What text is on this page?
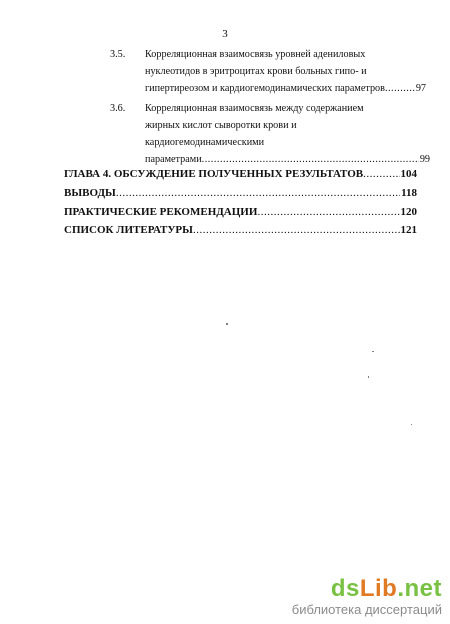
3
3.5. Корреляционная взаимосвязь уровней адениловых
нуклеотидов в эритроцитах крови больных гипо- и
гипертиреозом и кардиогемодинамических параметров .....	97
3.6. Корреляционная взаимосвязь между содержанием
жирных кислот сыворотки крови и
кардиогемодинамическими
параметрами .....	99
ГЛАВА 4. ОБСУЖДЕНИЕ ПОЛУЧЕННЫХ РЕЗУЛЬТАТОВ .....	104
ВЫВОДЫ .....	118
ПРАКТИЧЕСКИЕ РЕКОМЕНДАЦИИ .....	120
СПИСОК ЛИТЕРАТУРЫ .....	121
dsLib.net
библиотека диссертаций
